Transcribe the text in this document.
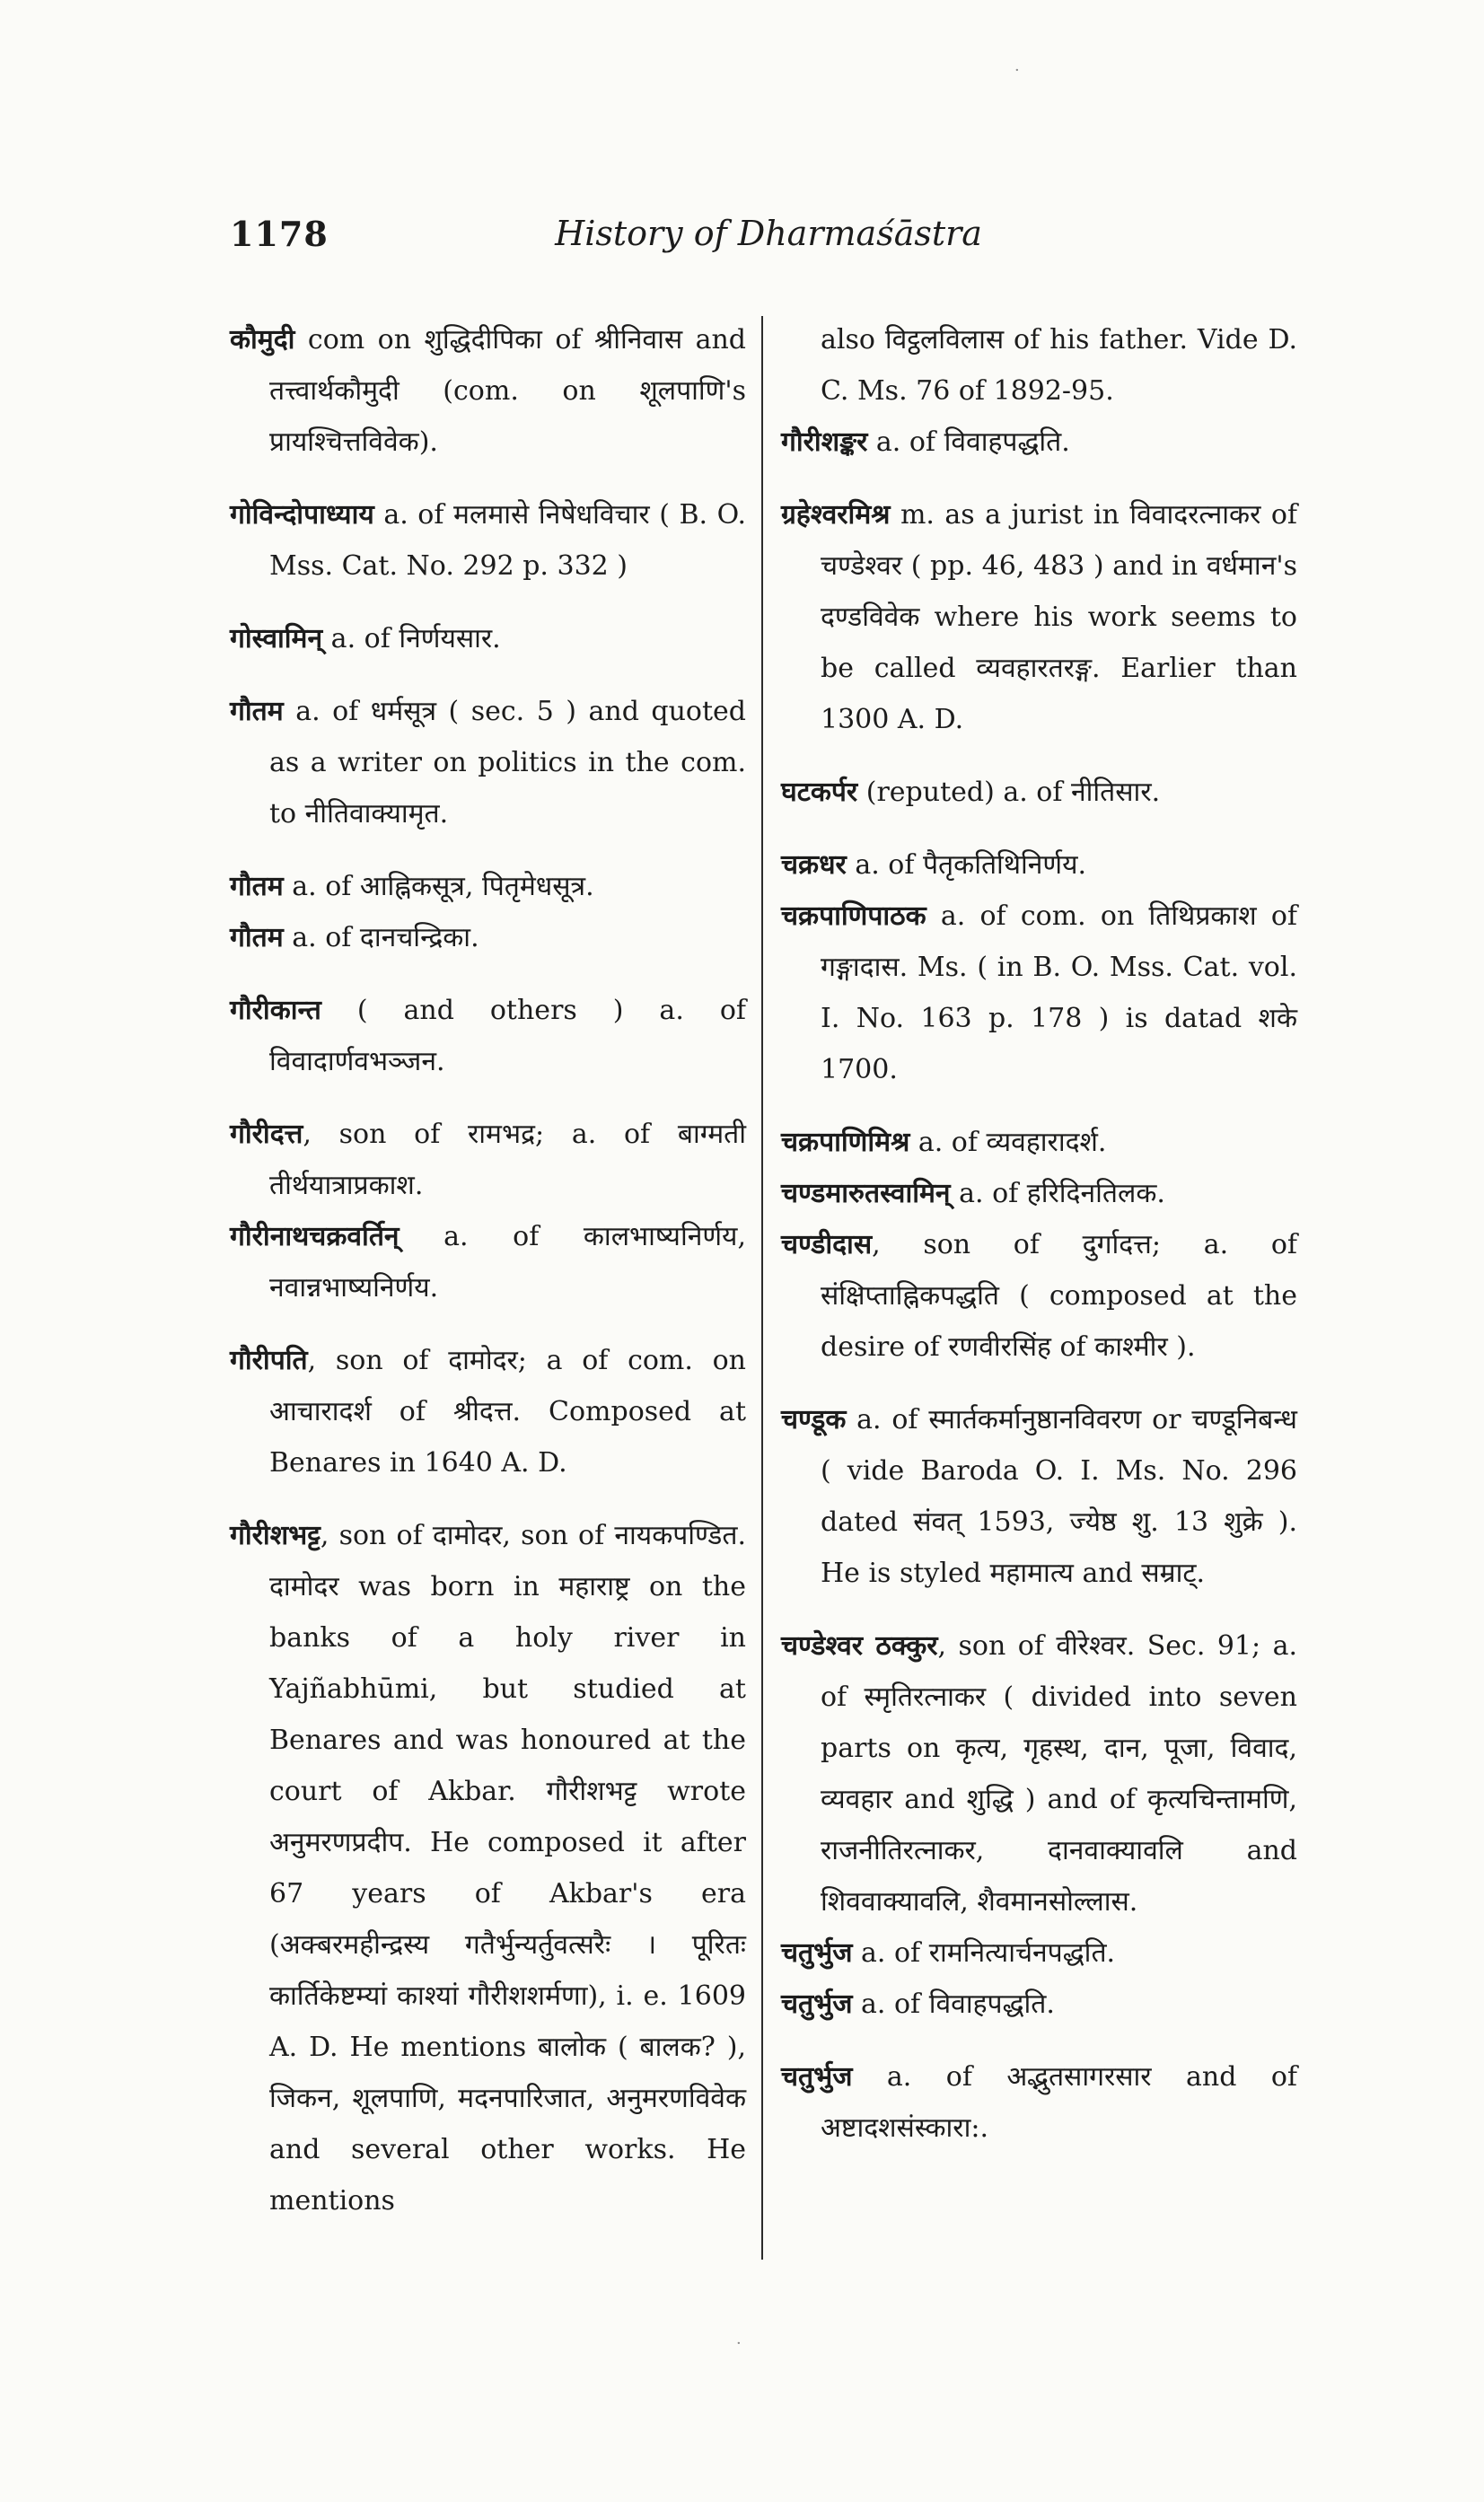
1178	History of Dharmaśāstra
कौमुदी com on शुद्धिदीपिका of श्रीनिवास and तत्त्वार्थकौमुदी (com. on शूलपाणि's प्रायश्चित्तविवेक).
गोविन्दोपाध्याय a. of मलमासे निषेधविचार ( B. O. Mss. Cat. No. 292 p. 332 )
गोस्वामिन् a. of निर्णयसार.
गौतम a. of धर्मसूत्र ( sec. 5 ) and quoted as a writer on politics in the com. to नीतिवाक्यामृत.
गौतम a. of आह्निकसूत्र, पितृमेधसूत्र.
गौतम a. of दानचन्द्रिका.
गौरीकान्त ( and others ) a. of विवादार्णवभञ्जन.
गौरीदत्त, son of रामभद्र; a. of बाग्मती तीर्थयात्राप्रकाश.
गौरीनाथचक्रवर्तिन् a. of कालभाष्यनिर्णय, नवान्नभाष्यनिर्णय.
गौरीपति, son of दामोदर; a of com. on आचारादर्श of श्रीदत्त. Composed at Benares in 1640 A. D.
गौरीशभट्ट, son of दामोदर, son of नायकपण्डित. दामोदर was born in महाराष्ट्र on the banks of a holy river in Yajñabhūmi, but studied at Benares and was honoured at the court of Akbar. गौरीशभट्ट wrote अनुमरणप्रदीप. He composed it after 67 years of Akbar's era (अक्बरमहीन्द्रस्य गतैर्भुन्यर्तुवत्सरैः । पूरितः कार्तिकेष्टम्यां काश्यां गौरीशशर्मणा), i. e. 1609 A. D. He mentions बालोक ( बालक? ), जिकन, शूलपाणि, मदनपारिजात, अनुमरणविवेक and several other works. He mentions
also विट्ठलविलास of his father. Vide D. C. Ms. 76 of 1892-95.
गौरीशङ्कर a. of विवाहपद्धति.
ग्रहेश्वरमिश्र m. as a jurist in विवादरत्नाकर of चण्डेश्वर ( pp. 46, 483 ) and in वर्धमान's दण्डविवेक where his work seems to be called व्यवहारतरङ्ग. Earlier than 1300 A. D.
घटकर्पर (reputed) a. of नीतिसार.
चक्रधर a. of पैतृकतिथिनिर्णय.
चक्रपाणिपाठक a. of com. on तिथिप्रकाश of गङ्गादास. Ms. ( in B. O. Mss. Cat. vol. I. No. 163 p. 178 ) is datad शके 1700.
चक्रपाणिमिश्र a. of व्यवहारादर्श.
चण्डमारुतस्वामिन् a. of हरिदिनतिलक.
चण्डीदास, son of दुर्गादत्त; a. of संक्षिप्ताह्निकपद्धति ( composed at the desire of रणवीरसिंह of काश्मीर ).
चण्डूक a. of स्मार्तकर्मानुष्ठानविवरण or चण्डूनिबन्ध ( vide Baroda O. I. Ms. No. 296 dated संवत् 1593, ज्येष्ठ शु. 13 शुक्रे ). He is styled महामात्य and सम्राट्.
चण्डेश्वर ठक्कुर, son of वीरेश्वर. Sec. 91; a. of स्मृतिरत्नाकर ( divided into seven parts on कृत्य, गृहस्थ, दान, पूजा, विवाद, व्यवहार and शुद्धि ) and of कृत्यचिन्तामणि, राजनीतिरत्नाकर, दानवाक्यावलि and शिववाक्यावलि, शैवमानसोल्लास.
चतुर्भुज a. of रामनित्यार्चनपद्धति.
चतुर्भुज a. of विवाहपद्धति.
चतुर्भुज a. of अद्भुतसागरसार and of अष्टादशसंस्कारा:.
·
·
